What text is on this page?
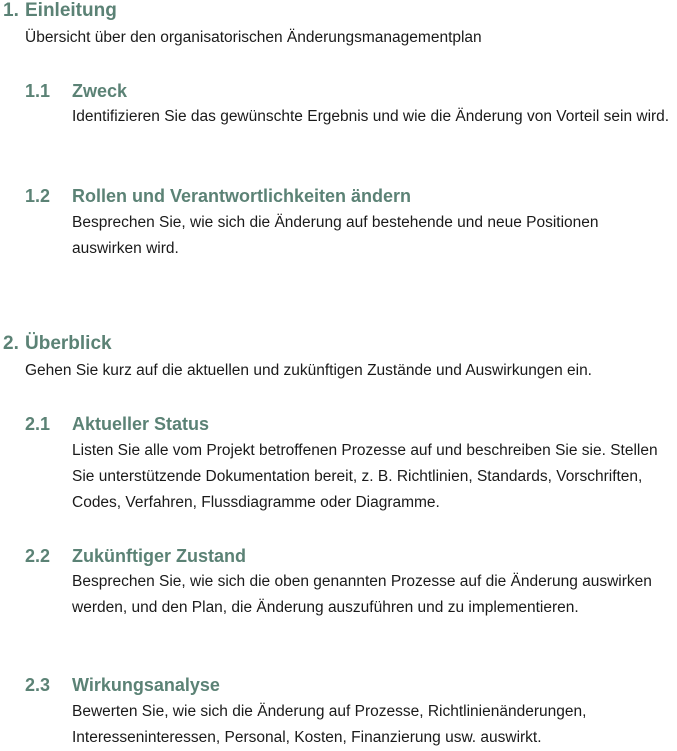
1. Einleitung

Übersicht über den organisatorischen Änderungsmanagementplan

1.1 Zweck

Identifizieren Sie das gewünschte Ergebnis und wie die Änderung von Vorteil sein wird.

1.2 Rollen und Verantwortlichkeiten ändern

Besprechen Sie, wie sich die Änderung auf bestehende und neue Positionen auswirken wird.

2. Überblick

Gehen Sie kurz auf die aktuellen und zukünftigen Zustände und Auswirkungen ein.

2.1 Aktueller Status

Listen Sie alle vom Projekt betroffenen Prozesse auf und beschreiben Sie sie. Stellen Sie unterstützende Dokumentation bereit, z. B. Richtlinien, Standards, Vorschriften, Codes, Verfahren, Flussdiagramme oder Diagramme.

2.2 Zukünftiger Zustand

Besprechen Sie, wie sich die oben genannten Prozesse auf die Änderung auswirken werden, und den Plan, die Änderung auszuführen und zu implementieren.

2.3 Wirkungsanalyse

Bewerten Sie, wie sich die Änderung auf Prozesse, Richtlinienänderungen, Interesseninteressen, Personal, Kosten, Finanzierung usw. auswirkt.
